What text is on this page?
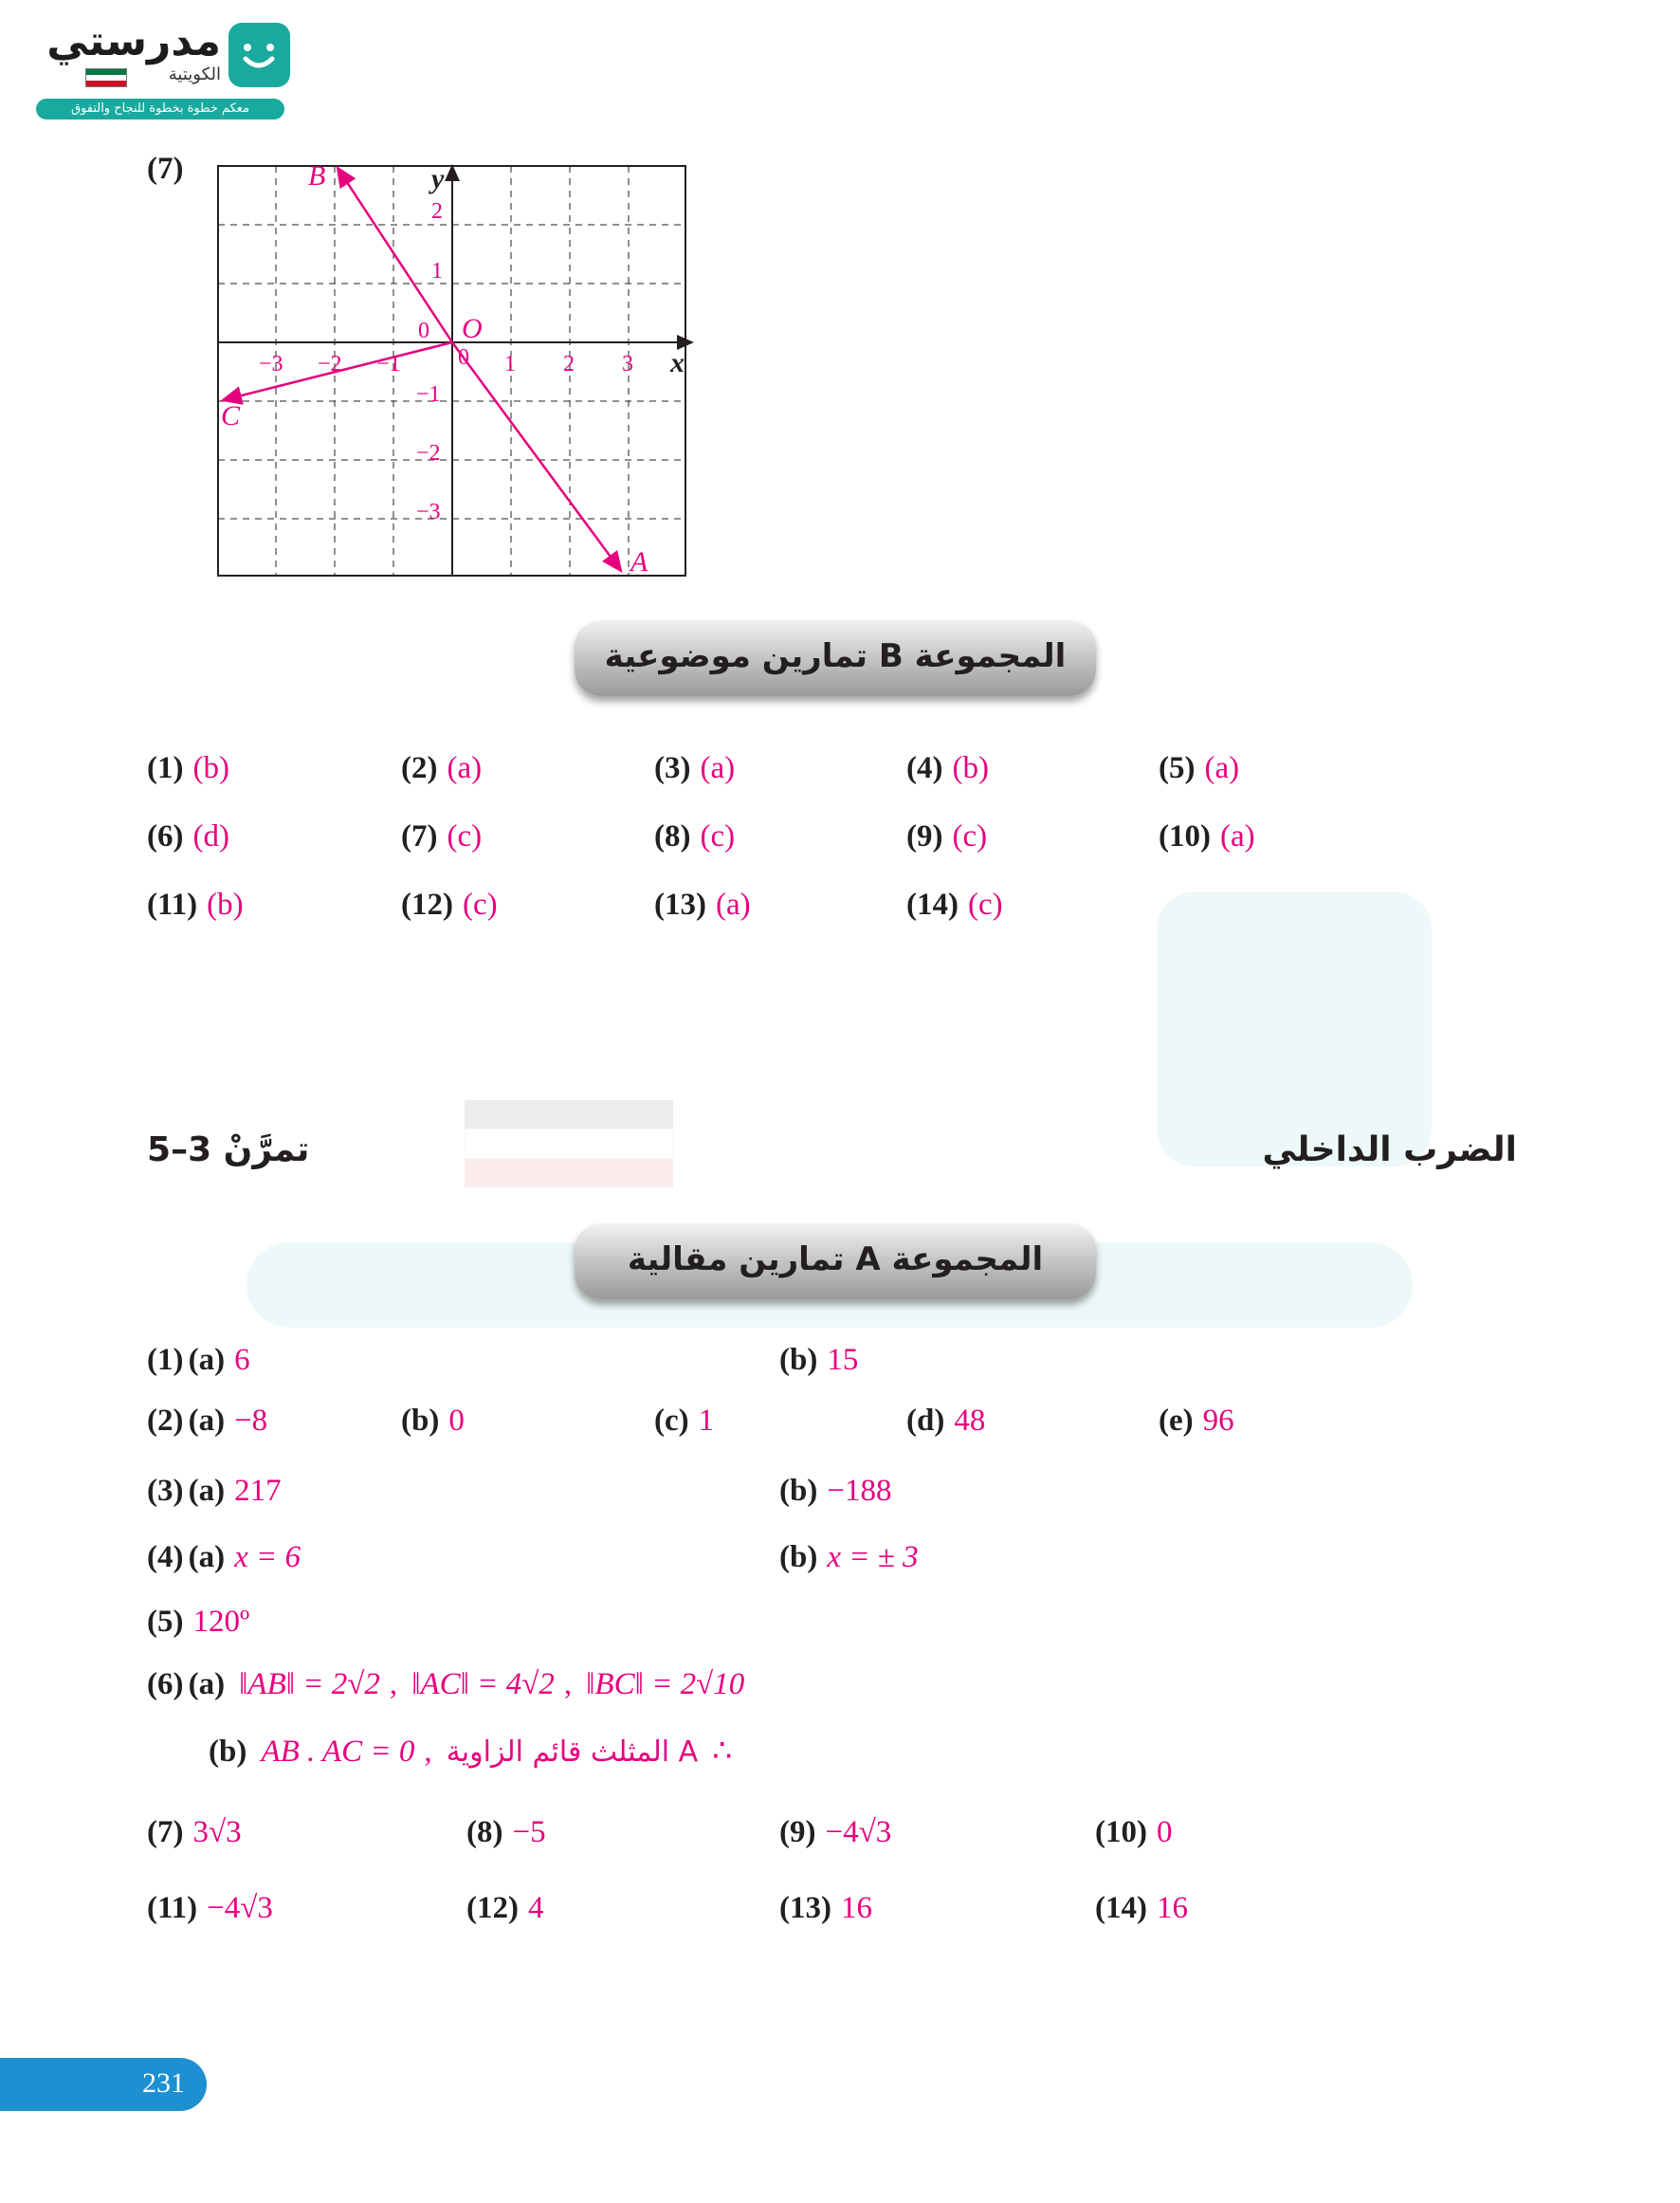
مدرستي
الكويتية
معكم خطوة بخطوة للنجاح والتفوق
(7)	y
x
O
0
0
B
A
C
−3 −2 −1	1 2 3
2
1
−1
−2
−3
المجموعة B تمارين موضوعية
(1) (b)	(2) (a)	(3) (a)	(4) (b)	(5) (a)
(6) (d)	(7) (c)	(8) (c)	(9) (c)	(10) (a)
(11) (b)	(12) (c)	(13) (a)	(14) (c)
تمرَّنْ 3–5	الضرب الداخلي
المجموعة A تمارين مقالية
(1) (a) 6	(b) 15
(2) (a) −8	(b) 0	(c) 1	(d) 48	(e) 96
(3) (a) 217	(b) −188
(4) (a) x = 6	(b) x = ± 3
(5) 120º
(6) (a) ‖AB‖ = 2√2 , ‖AC‖ = 4√2 , ‖BC‖ = 2√10
(b) AB . AC = 0 , المثلث قائم الزاوية A ∴
(7) 3√3	(8) −5	(9) −4√3	(10) 0
(11) −4√3	(12) 4	(13) 16	(14) 16
231
